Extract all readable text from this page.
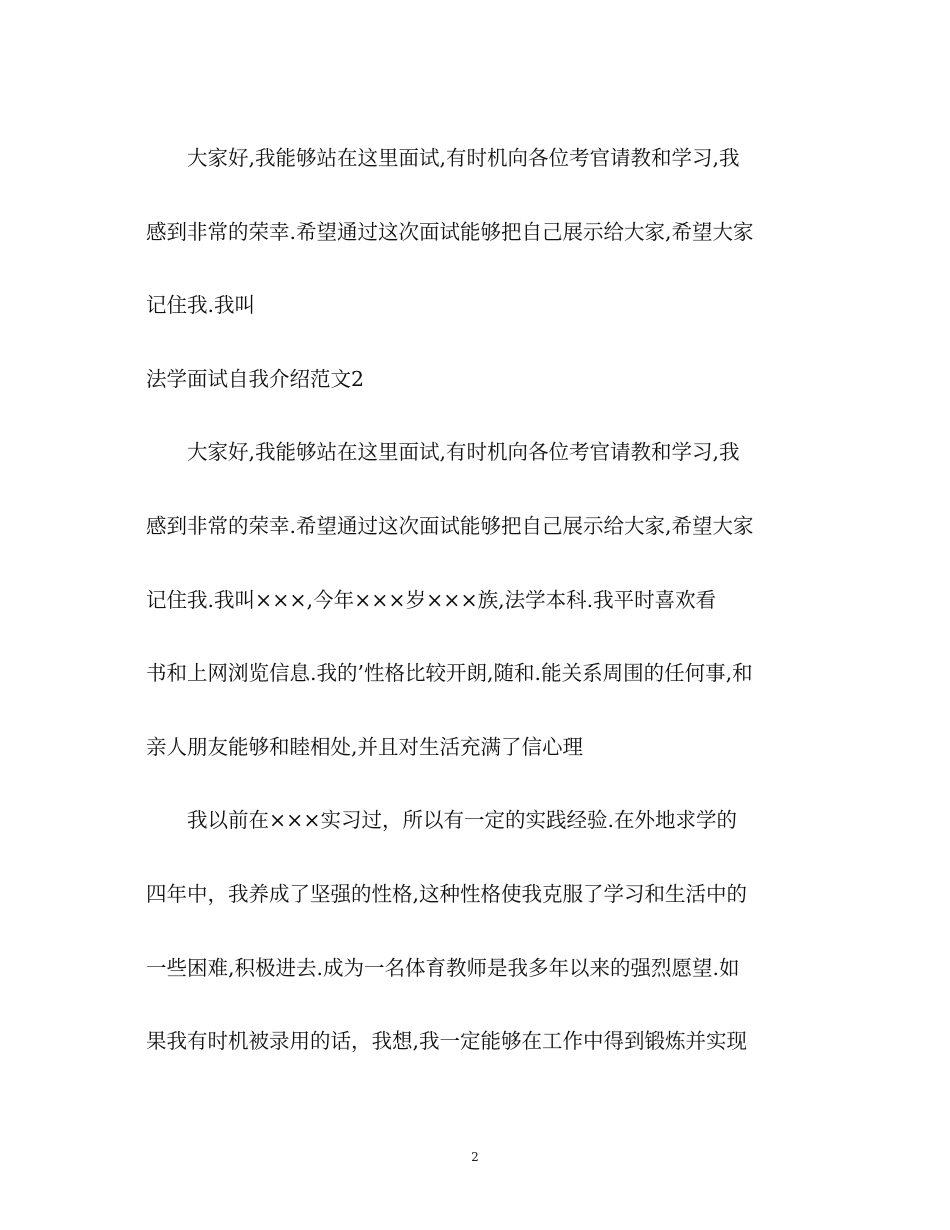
大家好,我能够站在这里面试,有时机向各位考官请教和学习,我
感到非常的荣幸.希望通过这次面试能够把自己展示给大家,希望大家
记住我.我叫
法学面试自我介绍范文2
大家好,我能够站在这里面试,有时机向各位考官请教和学习,我
感到非常的荣幸.希望通过这次面试能够把自己展示给大家,希望大家
记住我.我叫×××,今年×××岁×××族,法学本科.我平时喜欢看
书和上网浏览信息.我的’性格比较开朗,随和.能关系周围的任何事,和
亲人朋友能够和睦相处,并且对生活充满了信心理
我以前在×××实习过，所以有一定的实践经验.在外地求学的
四年中，我养成了坚强的性格,这种性格使我克服了学习和生活中的
一些困难,积极进去.成为一名体育教师是我多年以来的强烈愿望.如
果我有时机被录用的话，我想,我一定能够在工作中得到锻炼并实现
2
